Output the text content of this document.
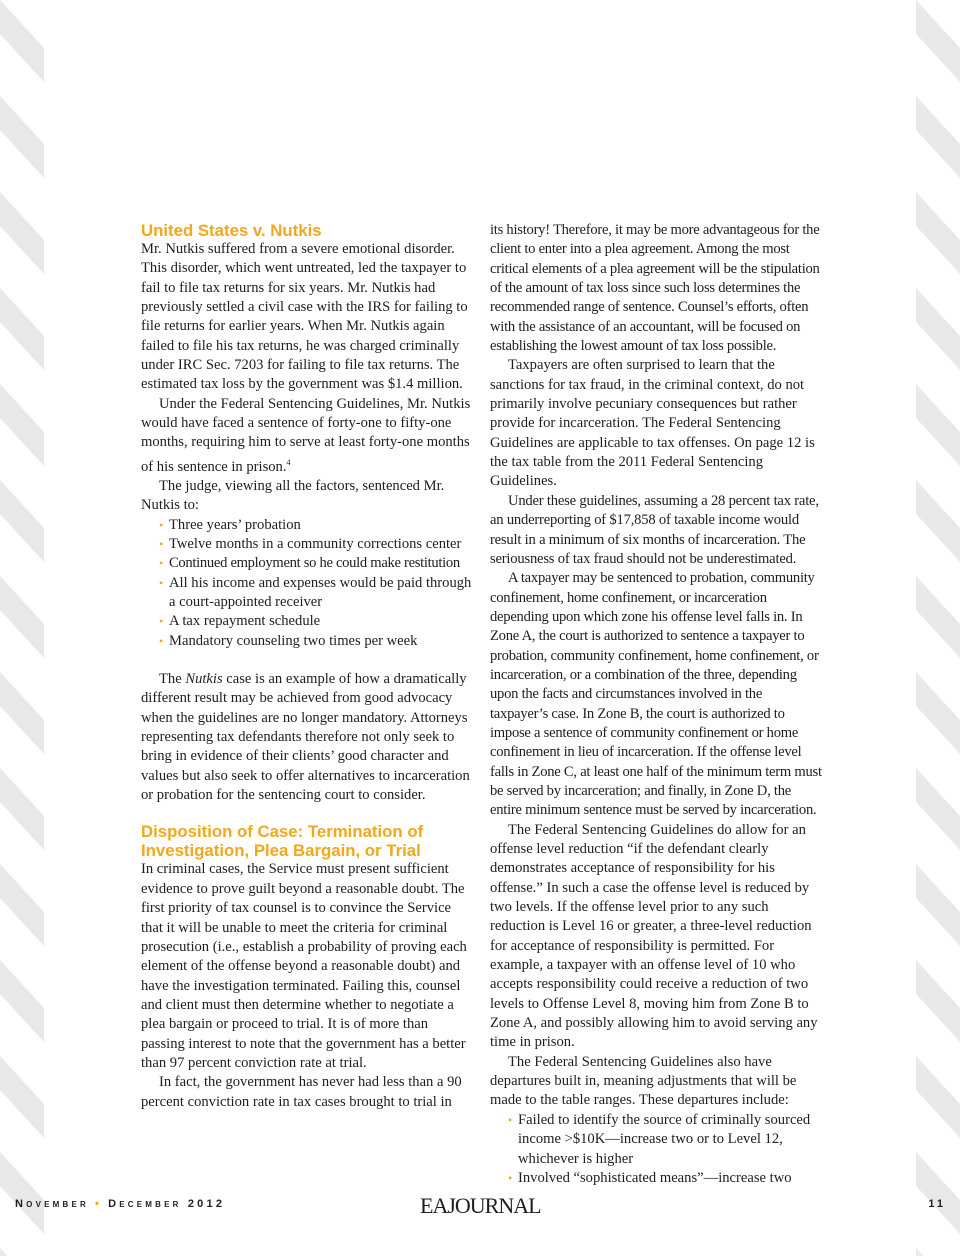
United States v. Nutkis

Mr. Nutkis suffered from a severe emotional disorder. This disorder, which went untreated, led the taxpayer to fail to file tax returns for six years. Mr. Nutkis had previously settled a civil case with the IRS for failing to file returns for earlier years. When Mr. Nutkis again failed to file his tax returns, he was charged criminally under IRC Sec. 7203 for failing to file tax returns. The estimated tax loss by the government was $1.4 million.

Under the Federal Sentencing Guidelines, Mr. Nutkis would have faced a sentence of forty-one to fifty-one months, requiring him to serve at least forty-one months of his sentence in prison.$^4$

The judge, viewing all the factors, sentenced Mr. Nutkis to:

• Three years’ probation
• Twelve months in a community corrections center
• Continued employment so he could make restitution
• All his income and expenses would be paid through a court-appointed receiver
• A tax repayment schedule
• Mandatory counseling two times per week

The Nutkis case is an example of how a dramatically different result may be achieved from good advocacy when the guidelines are no longer mandatory. Attorneys representing tax defendants therefore not only seek to bring in evidence of their clients’ good character and values but also seek to offer alternatives to incarceration or probation for the sentencing court to consider.

Disposition of Case: Termination of Investigation, Plea Bargain, or Trial

In criminal cases, the Service must present sufficient evidence to prove guilt beyond a reasonable doubt. The first priority of tax counsel is to convince the Service that it will be unable to meet the criteria for criminal prosecution (i.e., establish a probability of proving each element of the offense beyond a reasonable doubt) and have the investigation terminated. Failing this, counsel and client must then determine whether to negotiate a plea bargain or proceed to trial. It is of more than passing interest to note that the government has a better than 97 percent conviction rate at trial.

In fact, the government has never had less than a 90 percent conviction rate in tax cases brought to trial in

its history! Therefore, it may be more advantageous for the client to enter into a plea agreement. Among the most critical elements of a plea agreement will be the stipulation of the amount of tax loss since such loss determines the recommended range of sentence. Counsel’s efforts, often with the assistance of an accountant, will be focused on establishing the lowest amount of tax loss possible.

Taxpayers are often surprised to learn that the sanctions for tax fraud, in the criminal context, do not primarily involve pecuniary consequences but rather provide for incarceration. The Federal Sentencing Guidelines are applicable to tax offenses. On page 12 is the tax table from the 2011 Federal Sentencing Guidelines.

Under these guidelines, assuming a 28 percent tax rate, an underreporting of $17,858 of taxable income would result in a minimum of six months of incarceration. The seriousness of tax fraud should not be underestimated.

A taxpayer may be sentenced to probation, community confinement, home confinement, or incarceration depending upon which zone his offense level falls in. In Zone A, the court is authorized to sentence a taxpayer to probation, community confinement, home confinement, or incarceration, or a combination of the three, depending upon the facts and circumstances involved in the taxpayer’s case. In Zone B, the court is authorized to impose a sentence of community confinement or home confinement in lieu of incarceration. If the offense level falls in Zone C, at least one half of the minimum term must be served by incarceration; and finally, in Zone D, the entire minimum sentence must be served by incarceration.

The Federal Sentencing Guidelines do allow for an offense level reduction “if the defendant clearly demonstrates acceptance of responsibility for his offense.” In such a case the offense level is reduced by two levels. If the offense level prior to any such reduction is Level 16 or greater, a three-level reduction for acceptance of responsibility is permitted. For example, a taxpayer with an offense level of 10 who accepts responsibility could receive a reduction of two levels to Offense Level 8, moving him from Zone B to Zone A, and possibly allowing him to avoid serving any time in prison.

The Federal Sentencing Guidelines also have departures built in, meaning adjustments that will be made to the table ranges. These departures include:

• Failed to identify the source of criminally sourced income >$10K—increase two or to Level 12, whichever is higher
• Involved “sophisticated means”—increase two
November • December 2012	EAJOURNAL	11
